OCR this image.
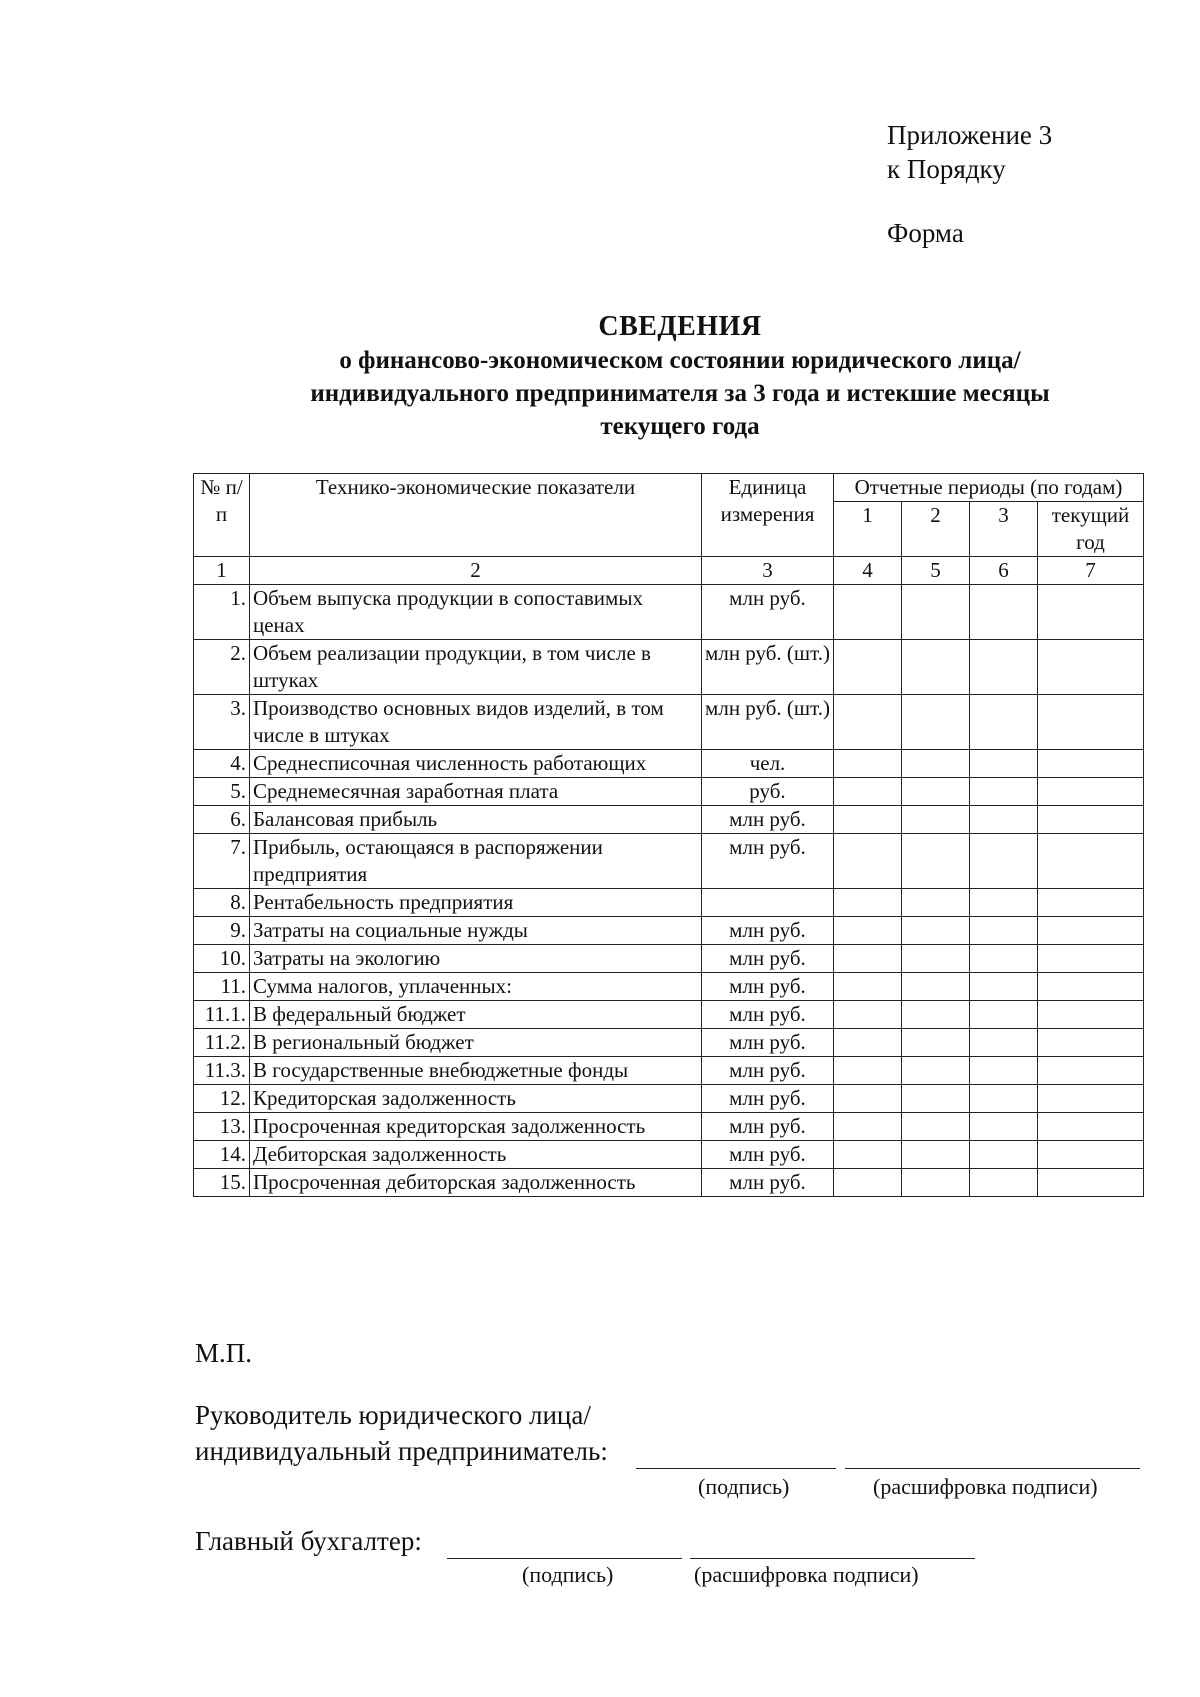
Приложение 3
к Порядку
Форма
СВЕДЕНИЯ
о финансово-экономическом состоянии юридического лица/
индивидуального предпринимателя за 3 года и истекшие месяцы
текущего года
№ п/п	Технико-экономические показатели	Единица измерения	Отчетные периоды (по годам)			
			1	2	3	текущий год
1	2	3	4	5	6	7
1.	Объем выпуска продукции в сопоставимых ценах	млн руб.				
2.	Объем реализации продукции, в том числе в штуках	млн руб. (шт.)				
3.	Производство основных видов изделий, в том числе в штуках	млн руб. (шт.)				
4.	Среднесписочная численность работающих	чел.				
5.	Среднемесячная заработная плата	руб.				
6.	Балансовая прибыль	млн руб.				
7.	Прибыль, остающаяся в распоряжении предприятия	млн руб.				
8.	Рентабельность предприятия					
9.	Затраты на социальные нужды	млн руб.				
10.	Затраты на экологию	млн руб.				
11.	Сумма налогов, уплаченных:	млн руб.				
11.1.	В федеральный бюджет	млн руб.				
11.2.	В региональный бюджет	млн руб.				
11.3.	В государственные внебюджетные фонды	млн руб.				
12.	Кредиторская задолженность	млн руб.				
13.	Просроченная кредиторская задолженность	млн руб.				
14.	Дебиторская задолженность	млн руб.				
15.	Просроченная дебиторская задолженность	млн руб.				
М.П.
Руководитель юридического лица/
индивидуальный предприниматель:
(подпись)	(расшифровка подписи)
Главный бухгалтер:
(подпись)	(расшифровка подписи)
